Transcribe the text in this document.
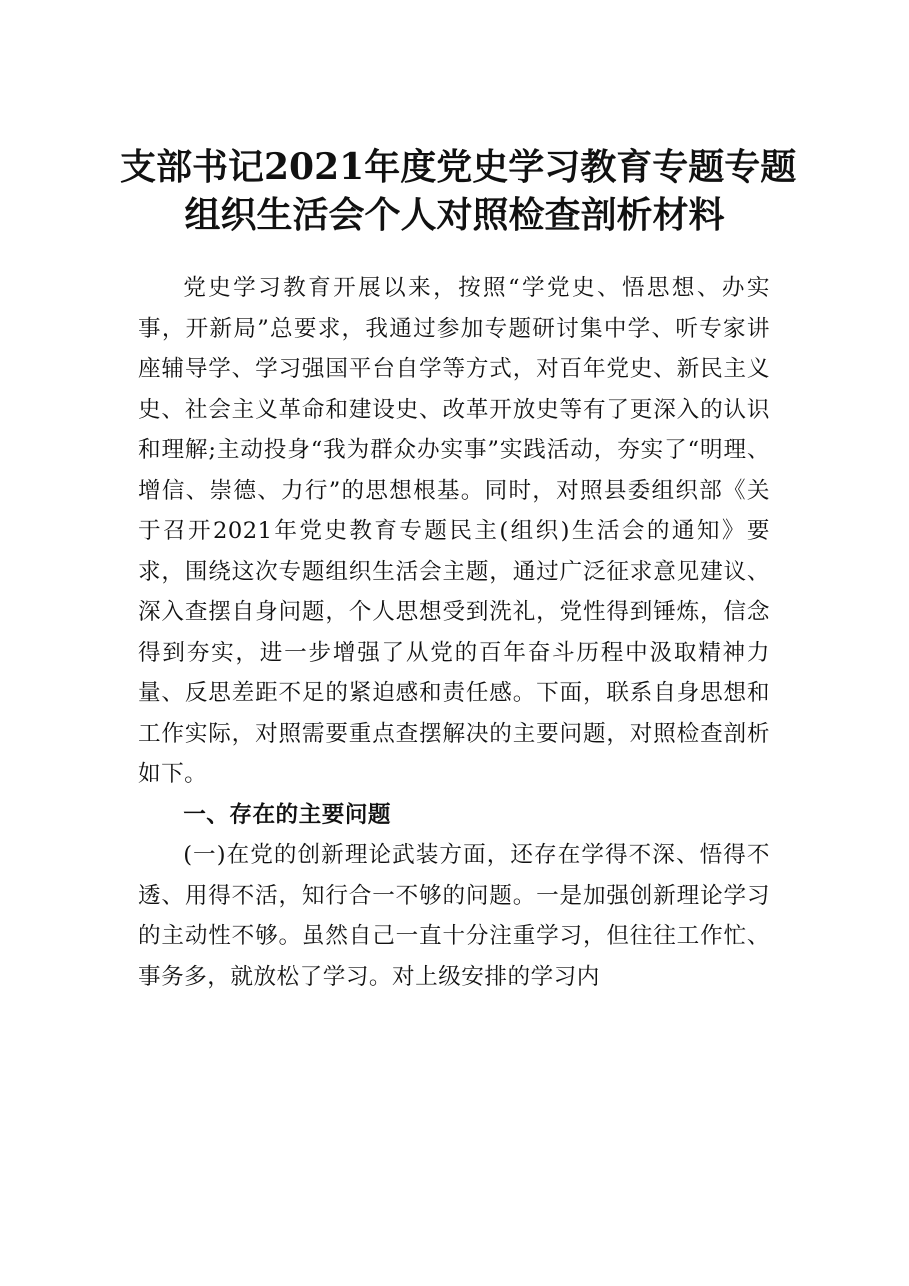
支部书记2021年度党史学习教育专题专题
组织生活会个人对照检查剖析材料

党史学习教育开展以来，按照“学党史、悟思想、办实事，开新局”总要求，我通过参加专题研讨集中学、听专家讲座辅导学、学习强国平台自学等方式，对百年党史、新民主义史、社会主义革命和建设史、改革开放史等有了更深入的认识和理解;主动投身“我为群众办实事”实践活动，夯实了“明理、增信、崇德、力行”的思想根基。同时，对照县委组织部《关于召开2021年党史教育专题民主(组织)生活会的通知》要求，围绕这次专题组织生活会主题，通过广泛征求意见建议、深入查摆自身问题，个人思想受到洗礼，党性得到锤炼，信念得到夯实，进一步增强了从党的百年奋斗历程中汲取精神力量、反思差距不足的紧迫感和责任感。下面，联系自身思想和工作实际，对照需要重点查摆解决的主要问题，对照检查剖析如下。

一、存在的主要问题

(一)在党的创新理论武装方面，还存在学得不深、悟得不透、用得不活，知行合一不够的问题。一是加强创新理论学习的主动性不够。虽然自己一直十分注重学习，但往往工作忙、事务多，就放松了学习。对上级安排的学习内
